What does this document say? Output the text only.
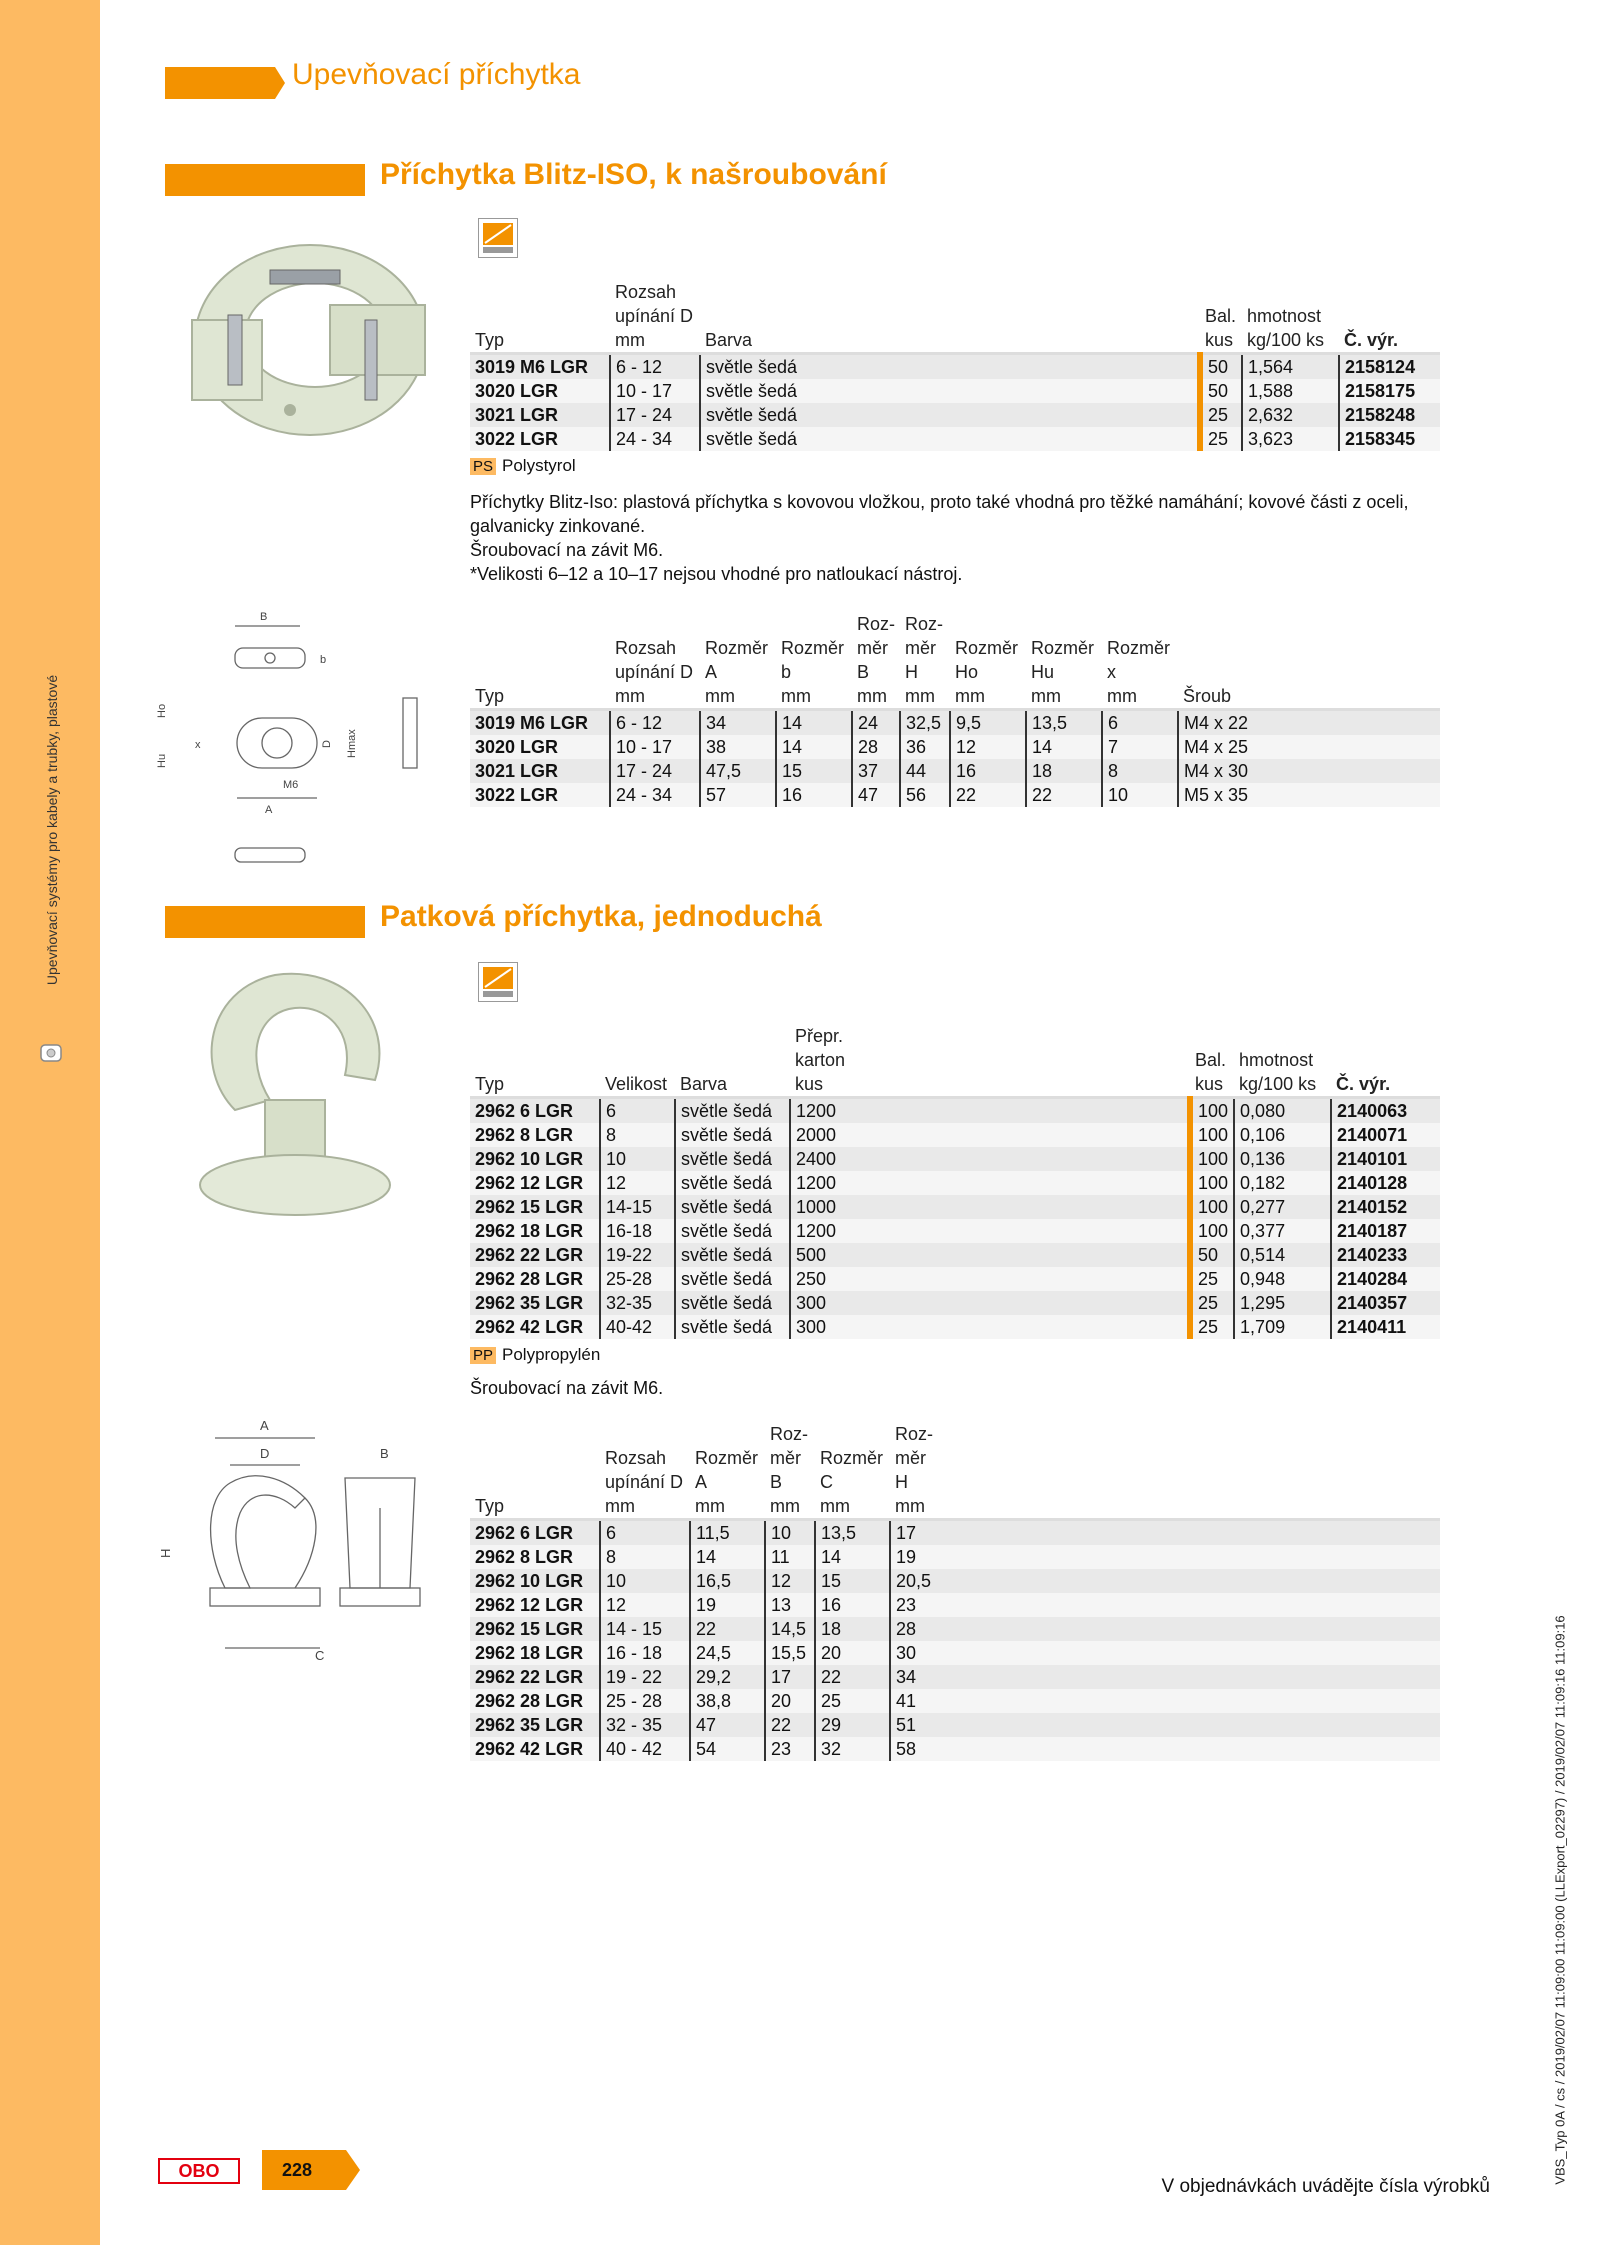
Upevňovací systémy pro kabely a trubky, plastové
VBS_Typ 0A / cs / 2019/02/07 11:09:00 11:09:00 (LLExport_02297) / 2019/02/07 11:09:16 11:09:16
Upevňovací příchytka
Příchytka Blitz-ISO, k našroubování
	Rozsah				
	upínání D		Bal.	hmotnost	
Typ	mm	Barva	kus	kg/100 ks	Č. výr.
3019 M6 LGR	6 - 12	světle šedá	50	1,564	2158124
3020 LGR	10 - 17	světle šedá	50	1,588	2158175
3021 LGR	17 - 24	světle šedá	25	2,632	2158248
3022 LGR	24 - 34	světle šedá	25	3,623	2158345
PS Polystyrol
Příchytky Blitz-Iso: plastová příchytka s kovovou vložkou, proto také vhodná pro těžké namáhání; kovové části z oceli, galvanicky zinkované.
Šroubovací na závit M6.
*Velikosti 6–12 a 10–17 nejsou vhodné pro natloukací nástroj.
B
b
Ho
Hu
x	D Hmax
M6
A
				Roz-	Roz-				
	Rozsah	Rozměr	Rozměr	měr	měr	Rozměr	Rozměr	Rozměr	
	upínání D	A	b	B	H	Ho	Hu	x	
Typ	mm	mm	mm	mm	mm	mm	mm	mm	Šroub
3019 M6 LGR	6 - 12	34	14	24	32,5	9,5	13,5	6	M4 x 22
3020 LGR	10 - 17	38	14	28	36	12	14	7	M4 x 25
3021 LGR	17 - 24	47,5	15	37	44	16	18	8	M4 x 30
3022 LGR	24 - 34	57	16	47	56	22	22	10	M5 x 35
Patková příchytka, jednoduchá
			Přepr.			
			karton	Bal.	hmotnost	
Typ	Velikost	Barva	kus	kus	kg/100 ks	Č. výr.
2962 6 LGR	6	světle šedá	1200	100	0,080	2140063
2962 8 LGR	8	světle šedá	2000	100	0,106	2140071
2962 10 LGR	10	světle šedá	2400	100	0,136	2140101
2962 12 LGR	12	světle šedá	1200	100	0,182	2140128
2962 15 LGR	14-15	světle šedá	1000	100	0,277	2140152
2962 18 LGR	16-18	světle šedá	1200	100	0,377	2140187
2962 22 LGR	19-22	světle šedá	500	50	0,514	2140233
2962 28 LGR	25-28	světle šedá	250	25	0,948	2140284
2962 35 LGR	32-35	světle šedá	300	25	1,295	2140357
2962 42 LGR	40-42	světle šedá	300	25	1,709	2140411
PP Polypropylén
Šroubovací na závit M6.
A
D
C
H
B
			Roz-		Roz-
	Rozsah	Rozměr	měr	Rozměr	měr
	upínání D	A	B	C	H
Typ	mm	mm	mm	mm	mm
2962 6 LGR	6	11,5	10	13,5	17
2962 8 LGR	8	14	11	14	19
2962 10 LGR	10	16,5	12	15	20,5
2962 12 LGR	12	19	13	16	23
2962 15 LGR	14 - 15	22	14,5	18	28
2962 18 LGR	16 - 18	24,5	15,5	20	30
2962 22 LGR	19 - 22	29,2	17	22	34
2962 28 LGR	25 - 28	38,8	20	25	41
2962 35 LGR	32 - 35	47	22	29	51
2962 42 LGR	40 - 42	54	23	32	58
OBO	228
V objednávkách uvádějte čísla výrobků
